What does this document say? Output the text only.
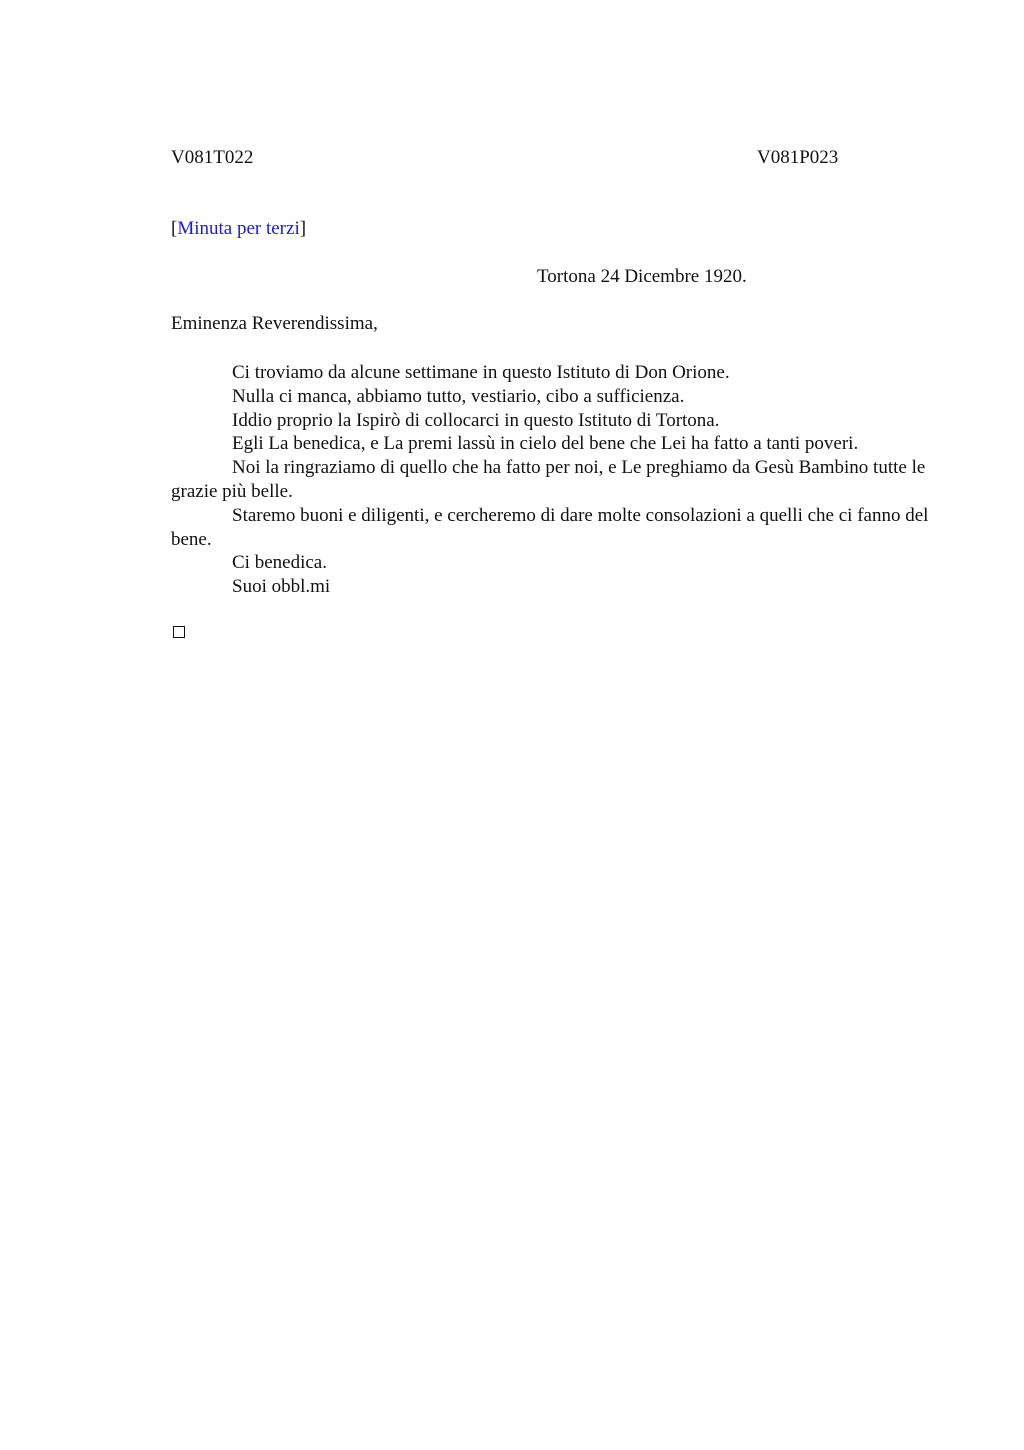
V081T022	V081P023
[Minuta per terzi]
Tortona 24 Dicembre 1920.
Eminenza Reverendissima,

Ci troviamo da alcune settimane in questo Istituto di Don Orione.

Nulla ci manca, abbiamo tutto, vestiario, cibo a sufficienza.

Iddio proprio la Ispirò di collocarci in questo Istituto di Tortona.

Egli La benedica, e La premi lassù in cielo del bene che Lei ha fatto a tanti poveri.

Noi la ringraziamo di quello che ha fatto per noi, e Le preghiamo da Gesù Bambino tutte le grazie più belle.

Staremo buoni e diligenti, e cercheremo di dare molte consolazioni a quelli che ci fanno del bene.

Ci benedica.

Suoi obbl.mi
